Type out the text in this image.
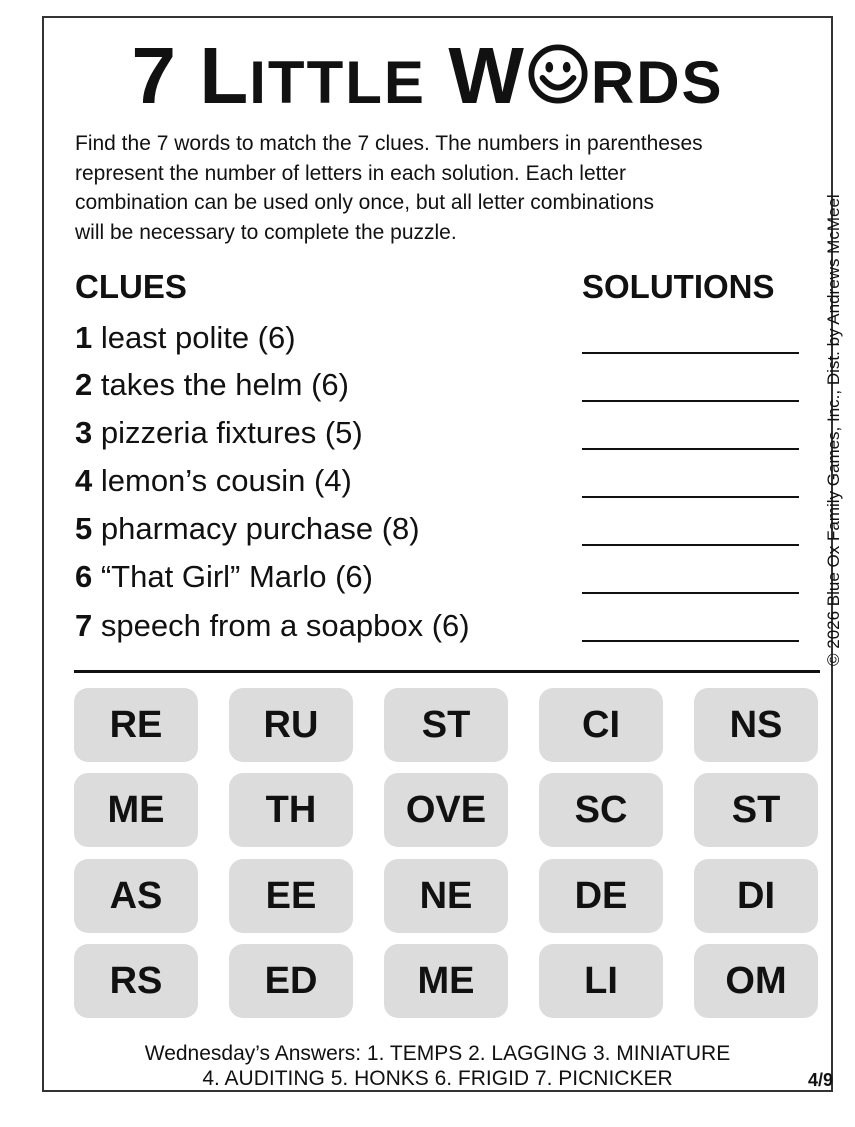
7 LITTLE W RDS

Find the 7 words to match the 7 clues. The numbers in parentheses

represent the number of letters in each solution. Each letter

combination can be used only once, but all letter combinations

will be necessary to complete the puzzle.	© 2026 Blue Ox Family Games, Inc., Dist. by Andrews McMeel
CLUES	SOLUTIONS
1 least polite (6)
2 takes the helm (6)
3 pizzeria fixtures (5)
4 lemon’s cousin (4)
5 pharmacy purchase (8)
6 “That Girl” Marlo (6)
7 speech from a soapbox (6)
RE	RU	ST	CI	NS
ME	TH	OVE	SC	ST
AS	EE	NE	DE	DI
RS	ED	ME	LI	OM
Wednesday’s Answers: 1. TEMPS 2. LAGGING 3. MINIATURE
4. AUDITING 5. HONKS 6. FRIGID 7. PICNICKER	4/9
